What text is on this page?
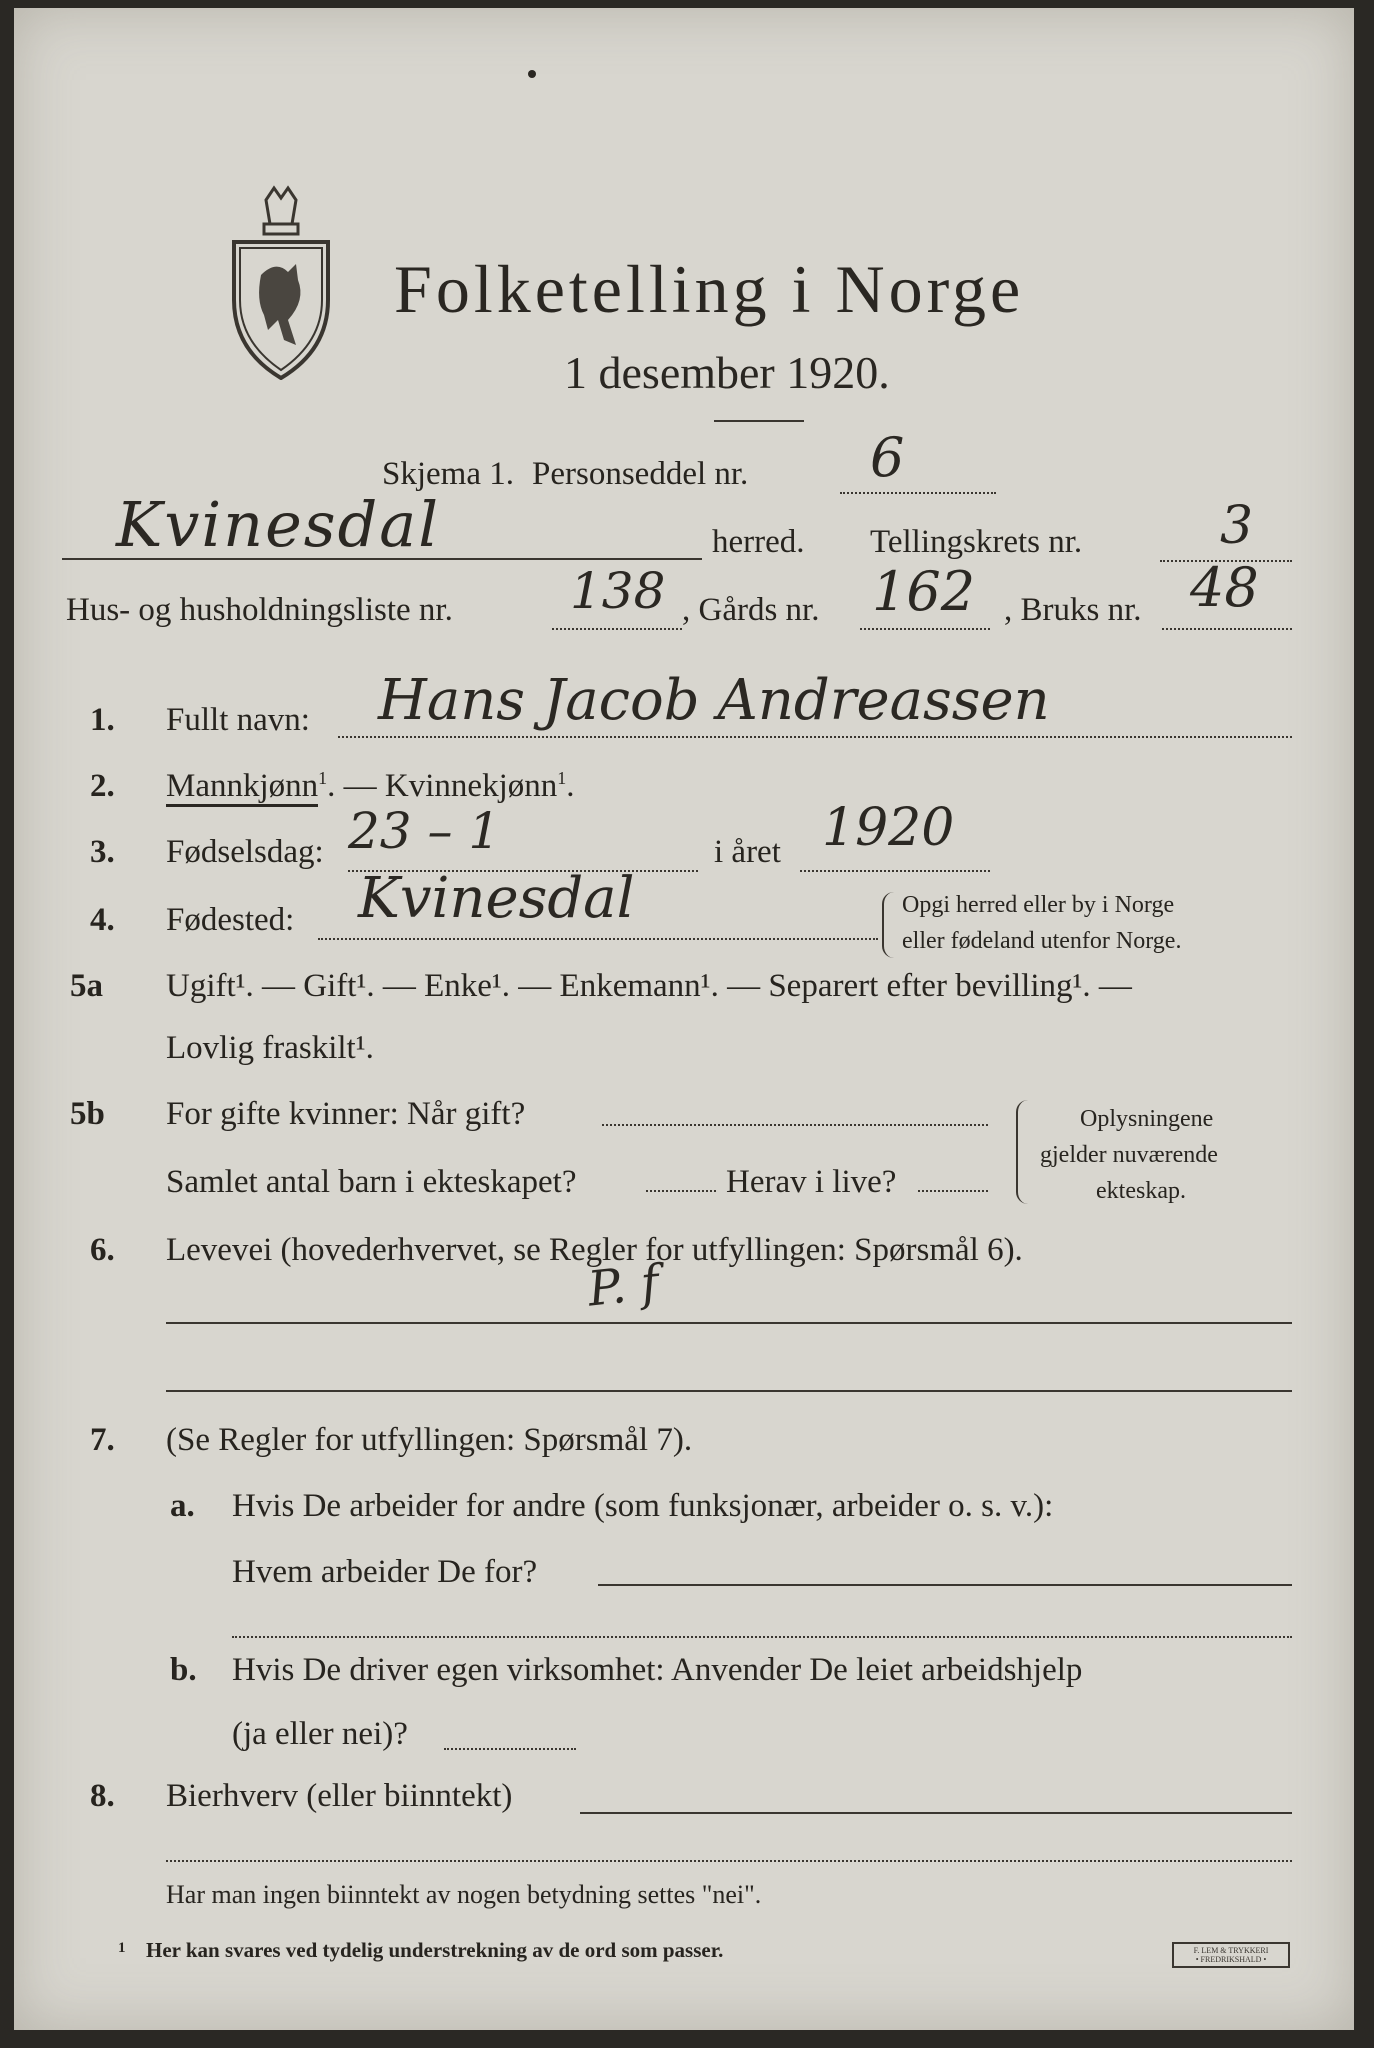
Folketelling i Norge
1 desember 1920.
Skjema 1. Personseddel nr. 6
Kvinesdal	herred. Tellingskrets nr.	3
Hus- og husholdningsliste nr. 138 , Gårds nr. 162 , Bruks nr. 48
1. Fullt navn: Hans Jacob Andreassen
2. Mannkjønn$^1$. — Kvinnekjønn$^1$.
3. Fødselsdag: 23 – 1	i året 1920
4. Fødested: Kvinesdal	Opgi herred eller by i Norge
eller fødeland utenfor Norge.
5a Ugift¹. — Gift¹. — Enke¹. — Enkemann¹. — Separert efter bevilling¹. —
Lovlig fraskilt¹.
5b For gifte kvinner: Når gift?
Samlet antal barn i ekteskapet?	Herav i live?
Oplysningene
gjelder nuværende
ekteskap.
6. Levevei (hovederhvervet, se Regler for utfyllingen: Spørsmål 6).
P. f
7. (Se Regler for utfyllingen: Spørsmål 7).
a. Hvis De arbeider for andre (som funksjonær, arbeider o. s. v.):
Hvem arbeider De for?
b. Hvis De driver egen virksomhet: Anvender De leiet arbeidshjelp
(ja eller nei)?
8. Bierhverv (eller biinntekt)
Har man ingen biinntekt av nogen betydning settes "nei".
1 Her kan svares ved tydelig understrekning av de ord som passer.	F. LEM & TRYKKERI
• FREDRIKSHALD •
